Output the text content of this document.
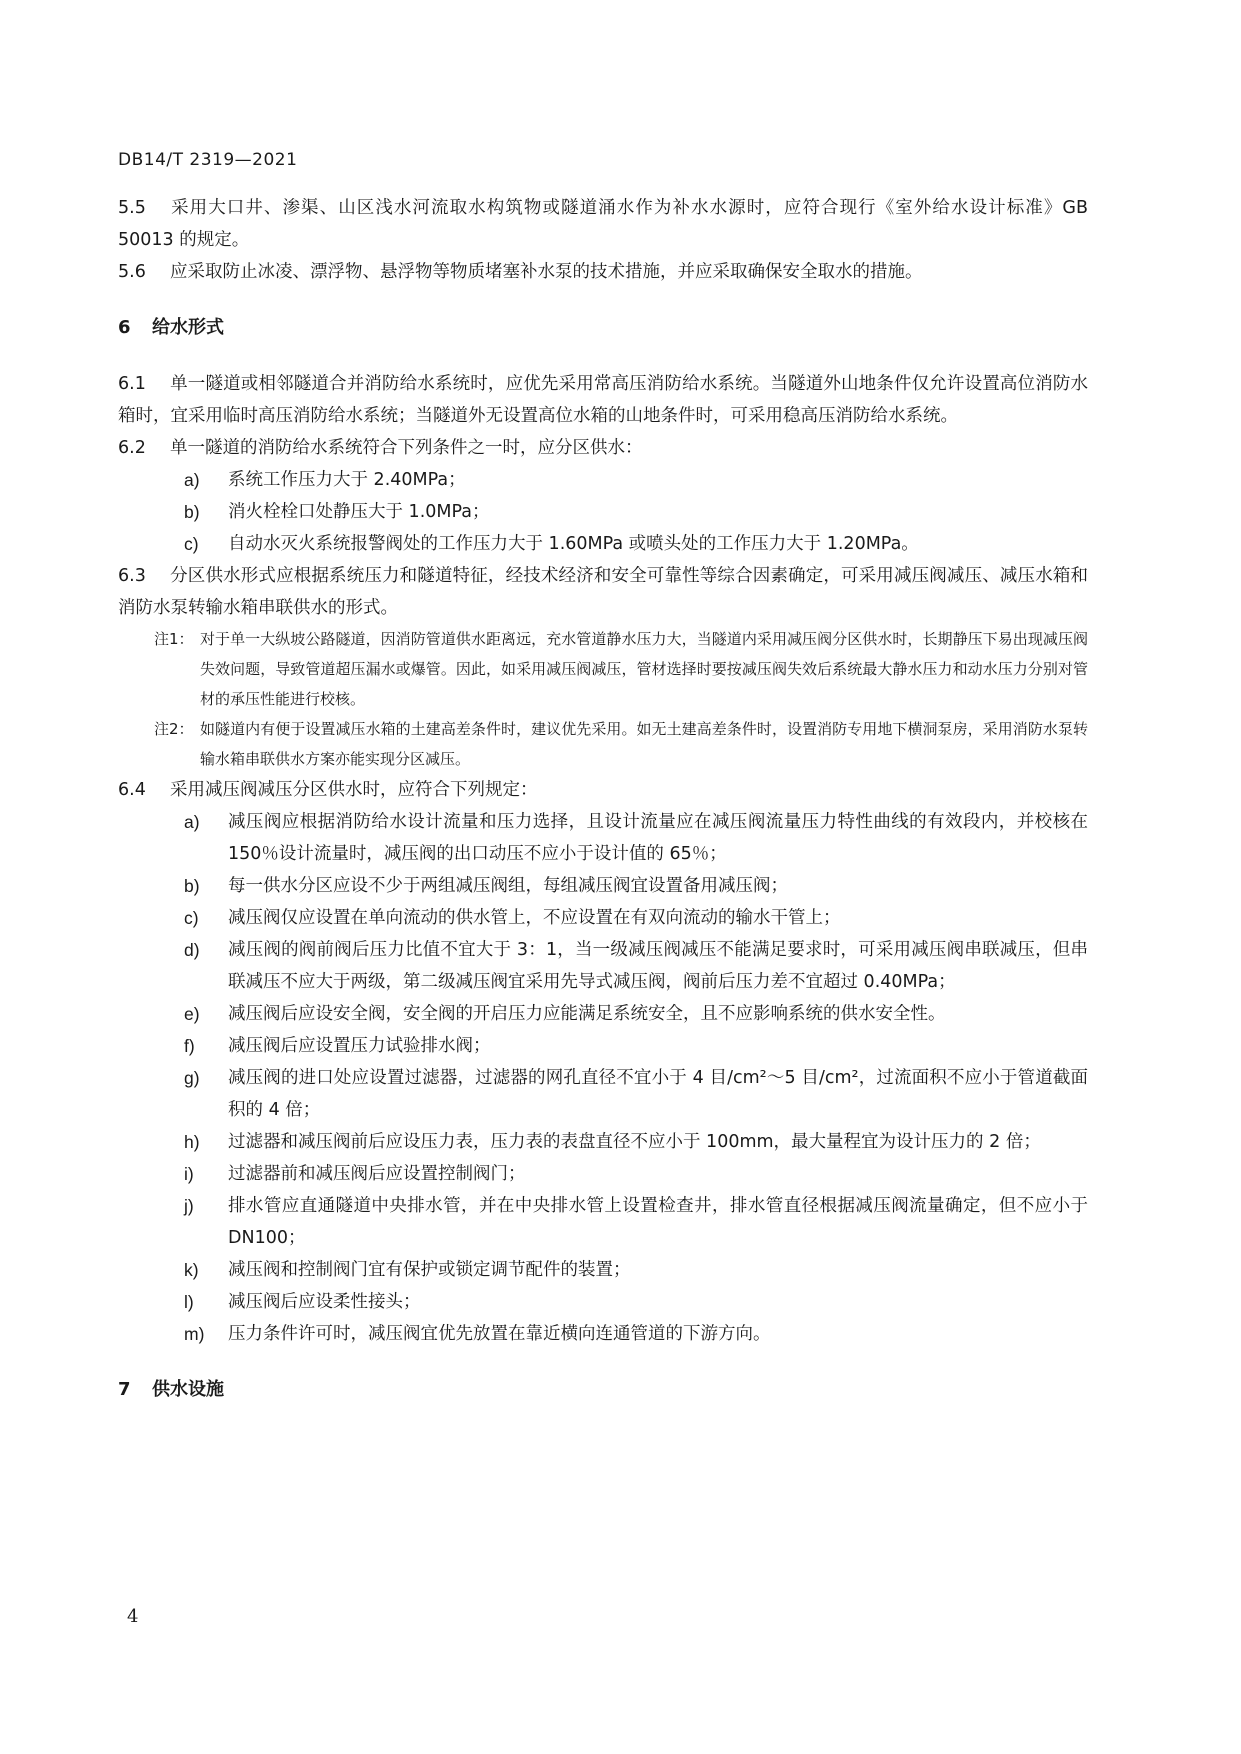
DB14/T 2319—2021

5.5 采用大口井、渗渠、山区浅水河流取水构筑物或隧道涌水作为补水水源时，应符合现行《室外给水设计标准》GB 50013 的规定。

5.6 应采取防止冰凌、漂浮物、悬浮物等物质堵塞补水泵的技术措施，并应采取确保安全取水的措施。

6 给水形式

6.1 单一隧道或相邻隧道合并消防给水系统时，应优先采用常高压消防给水系统。当隧道外山地条件仅允许设置高位消防水箱时，宜采用临时高压消防给水系统；当隧道外无设置高位水箱的山地条件时，可采用稳高压消防给水系统。

6.2 单一隧道的消防给水系统符合下列条件之一时，应分区供水：

a)	系统工作压力大于 2.40MPa；
b)	消火栓栓口处静压大于 1.0MPa；
c)	自动水灭火系统报警阀处的工作压力大于 1.60MPa 或喷头处的工作压力大于 1.20MPa。

6.3 分区供水形式应根据系统压力和隧道特征，经技术经济和安全可靠性等综合因素确定，可采用减压阀减压、减压水箱和消防水泵转输水箱串联供水的形式。

注1： 对于单一大纵坡公路隧道，因消防管道供水距离远，充水管道静水压力大，当隧道内采用减压阀分区供水时，长期静压下易出现减压阀失效问题，导致管道超压漏水或爆管。因此，如采用减压阀减压，管材选择时要按减压阀失效后系统最大静水压力和动水压力分别对管材的承压性能进行校核。
注2： 如隧道内有便于设置减压水箱的土建高差条件时，建议优先采用。如无土建高差条件时，设置消防专用地下横洞泵房，采用消防水泵转输水箱串联供水方案亦能实现分区减压。

6.4 采用减压阀减压分区供水时，应符合下列规定：

a)	减压阀应根据消防给水设计流量和压力选择，且设计流量应在减压阀流量压力特性曲线的有效段内，并校核在 150％设计流量时，减压阀的出口动压不应小于设计值的 65％；
b)	每一供水分区应设不少于两组减压阀组，每组减压阀宜设置备用减压阀；
c)	减压阀仅应设置在单向流动的供水管上，不应设置在有双向流动的输水干管上；
d)	减压阀的阀前阀后压力比值不宜大于 3：1，当一级减压阀减压不能满足要求时，可采用减压阀串联减压，但串联减压不应大于两级，第二级减压阀宜采用先导式减压阀，阀前后压力差不宜超过 0.40MPa；
e)	减压阀后应设安全阀，安全阀的开启压力应能满足系统安全，且不应影响系统的供水安全性。
f)	减压阀后应设置压力试验排水阀；
g)	减压阀的进口处应设置过滤器，过滤器的网孔直径不宜小于 4 目/cm²～5 目/cm²，过流面积不应小于管道截面积的 4 倍；
h)	过滤器和减压阀前后应设压力表，压力表的表盘直径不应小于 100mm，最大量程宜为设计压力的 2 倍；
i)	过滤器前和减压阀后应设置控制阀门；
j)	排水管应直通隧道中央排水管，并在中央排水管上设置检查井，排水管直径根据减压阀流量确定，但不应小于 DN100；
k)	减压阀和控制阀门宜有保护或锁定调节配件的装置；
l)	减压阀后应设柔性接头；
m)	压力条件许可时，减压阀宜优先放置在靠近横向连通管道的下游方向。
7 供水设施
4
